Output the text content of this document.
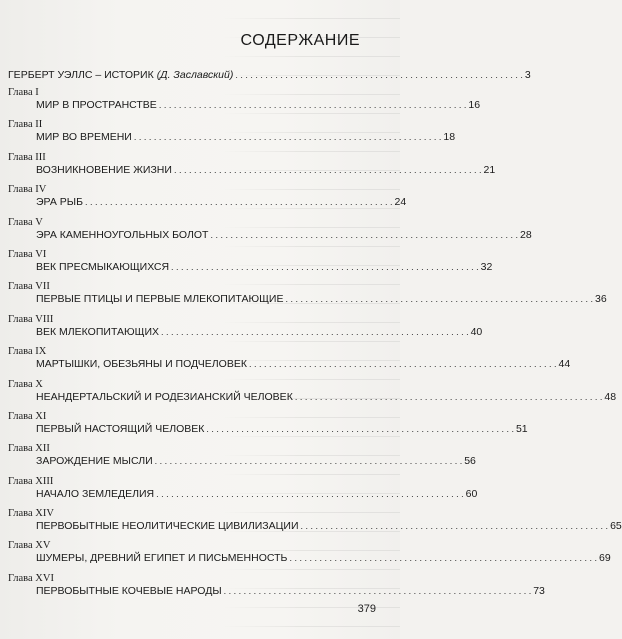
СОДЕРЖАНИЕ
ГЕРБЕРТ УЭЛЛС – ИСТОРИК (Д. Заславский) . . . . . . . . . . . . . . . . . . . . . . . . . . . . . . . . . . . . . . . . . . . . . . . . . . . . . . . . . . 3
Глава I
МИР В ПРОСТРАНСТВЕ . . . . . . . . . . . . . . . . . . . . . . . . . . . . . . . . . . . . . . . . . . . . . . . . . . . . . . . . . . . . . . 16
Глава II
МИР ВО ВРЕМЕНИ . . . . . . . . . . . . . . . . . . . . . . . . . . . . . . . . . . . . . . . . . . . . . . . . . . . . . . . . . . . . . . 18
Глава III
ВОЗНИКНОВЕНИЕ ЖИЗНИ . . . . . . . . . . . . . . . . . . . . . . . . . . . . . . . . . . . . . . . . . . . . . . . . . . . . . . . . . . . . . . 21
Глава IV
ЭРА РЫБ . . . . . . . . . . . . . . . . . . . . . . . . . . . . . . . . . . . . . . . . . . . . . . . . . . . . . . . . . . . . . . 24
Глава V
ЭРА КАМЕННОУГОЛЬНЫХ БОЛОТ . . . . . . . . . . . . . . . . . . . . . . . . . . . . . . . . . . . . . . . . . . . . . . . . . . . . . . . . . . . . . . 28
Глава VI
ВЕК ПРЕСМЫКАЮЩИХСЯ . . . . . . . . . . . . . . . . . . . . . . . . . . . . . . . . . . . . . . . . . . . . . . . . . . . . . . . . . . . . . . 32
Глава VII
ПЕРВЫЕ ПТИЦЫ И ПЕРВЫЕ МЛЕКОПИТАЮЩИЕ . . . . . . . . . . . . . . . . . . . . . . . . . . . . . . . . . . . . . . . . . . . . . . . . . . . . . . . . . . . . . . 36
Глава VIII
ВЕК МЛЕКОПИТАЮЩИХ . . . . . . . . . . . . . . . . . . . . . . . . . . . . . . . . . . . . . . . . . . . . . . . . . . . . . . . . . . . . . . 40
Глава IX
МАРТЫШКИ, ОБЕЗЬЯНЫ И ПОДЧЕЛОВЕК . . . . . . . . . . . . . . . . . . . . . . . . . . . . . . . . . . . . . . . . . . . . . . . . . . . . . . . . . . . . . . 44
Глава X
НЕАНДЕРТАЛЬСКИЙ И РОДЕЗИАНСКИЙ ЧЕЛОВЕК . . . . . . . . . . . . . . . . . . . . . . . . . . . . . . . . . . . . . . . . . . . . . . . . . . . . . . . . . . . . . . 48
Глава XI
ПЕРВЫЙ НАСТОЯЩИЙ ЧЕЛОВЕК . . . . . . . . . . . . . . . . . . . . . . . . . . . . . . . . . . . . . . . . . . . . . . . . . . . . . . . . . . . . . . 51
Глава XII
ЗАРОЖДЕНИЕ МЫСЛИ . . . . . . . . . . . . . . . . . . . . . . . . . . . . . . . . . . . . . . . . . . . . . . . . . . . . . . . . . . . . . . 56
Глава XIII
НАЧАЛО ЗЕМЛЕДЕЛИЯ . . . . . . . . . . . . . . . . . . . . . . . . . . . . . . . . . . . . . . . . . . . . . . . . . . . . . . . . . . . . . . 60
Глава XIV
ПЕРВОБЫТНЫЕ НЕОЛИТИЧЕСКИЕ ЦИВИЛИЗАЦИИ . . . . . . . . . . . . . . . . . . . . . . . . . . . . . . . . . . . . . . . . . . . . . . . . . . . . . . . . . . . . . . 65
Глава XV
ШУМЕРЫ, ДРЕВНИЙ ЕГИПЕТ И ПИСЬМЕННОСТЬ . . . . . . . . . . . . . . . . . . . . . . . . . . . . . . . . . . . . . . . . . . . . . . . . . . . . . . . . . . . . . . 69
Глава XVI
ПЕРВОБЫТНЫЕ КОЧЕВЫЕ НАРОДЫ . . . . . . . . . . . . . . . . . . . . . . . . . . . . . . . . . . . . . . . . . . . . . . . . . . . . . . . . . . . . . . 73
379
